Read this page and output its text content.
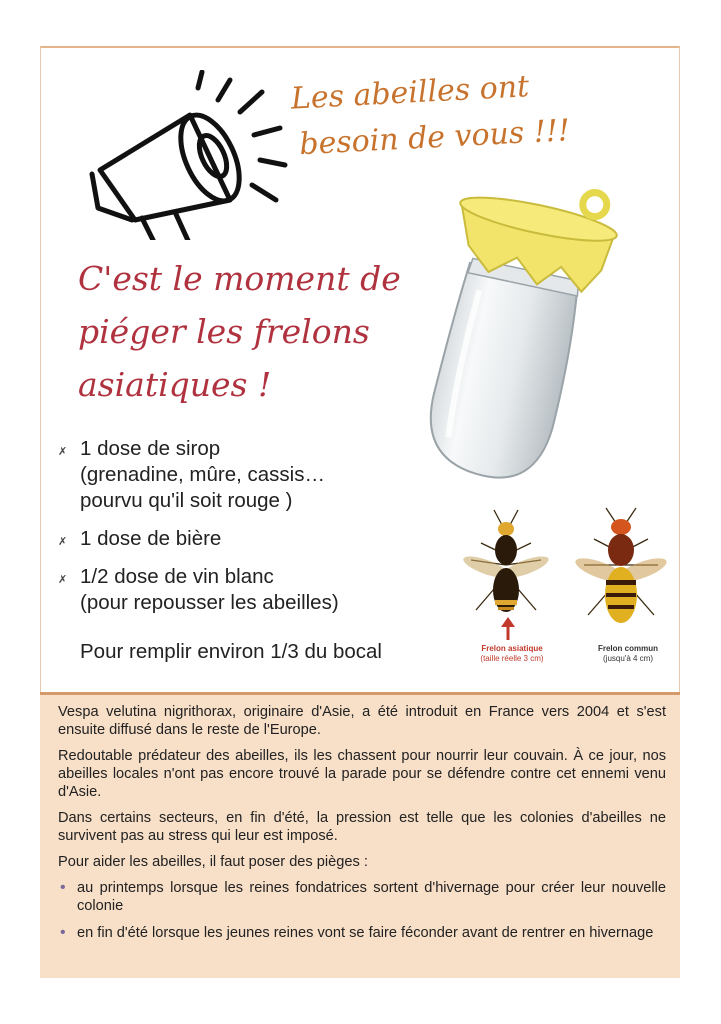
Les abeilles ont
besoin de vous !!!
C'est le moment de
piéger les frelons
asiatiques !
✗ 1 dose de sirop
(grenadine, mûre, cassis…
pourvu qu'il soit rouge )
✗ 1 dose de bière
✗ 1/2 dose de vin blanc
(pour repousser les abeilles)
Pour remplir environ 1/3 du bocal	Frelon asiatique
(taille réelle 3 cm)
Frelon commun
(jusqu'à 4 cm)

Vespa velutina nigrithorax, originaire d'Asie, a été introduit en France vers 2004 et s'est ensuite diffusé dans le reste de l'Europe.

Redoutable prédateur des abeilles, ils les chassent pour nourrir leur couvain. À ce jour, nos abeilles locales n'ont pas encore trouvé la parade pour se défendre contre cet ennemi venu d'Asie.

Dans certains secteurs, en fin d'été, la pression est telle que les colonies d'abeilles ne survivent pas au stress qui leur est imposé.

Pour aider les abeilles, il faut poser des pièges :

• au printemps lorsque les reines fondatrices sortent d'hivernage pour créer leur nouvelle colonie
• en fin d'été lorsque les jeunes reines vont se faire féconder avant de rentrer en hivernage
